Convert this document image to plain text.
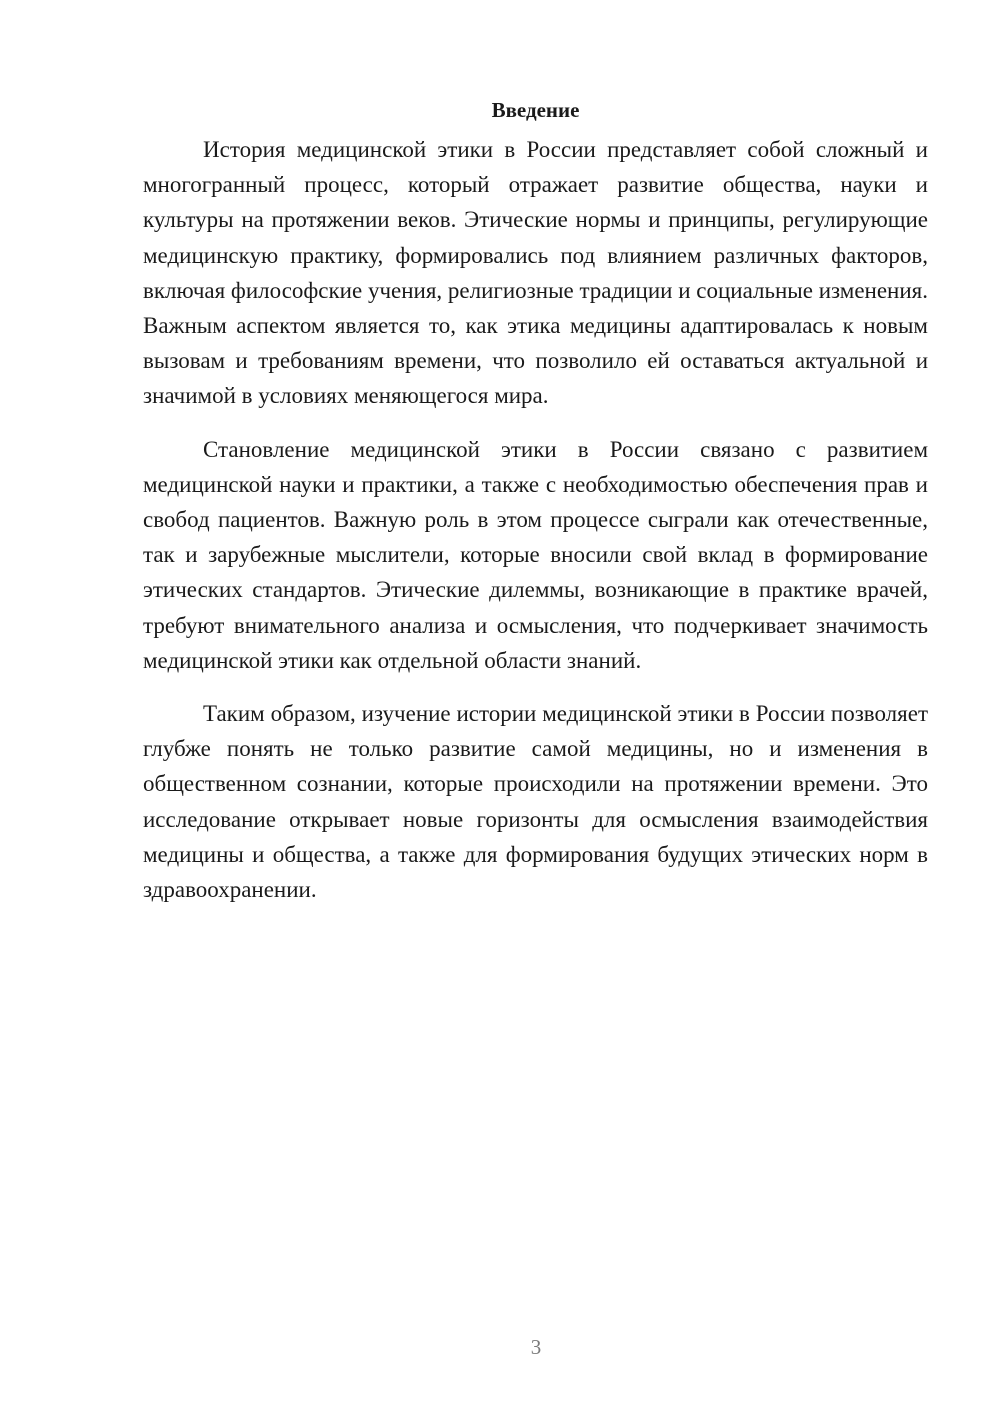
Введение

История медицинской этики в России представляет собой сложный и многогранный процесс, который отражает развитие общества, науки и культуры на протяжении веков. Этические нормы и принципы, регулирующие медицинскую практику, формировались под влиянием различных факторов, включая философские учения, религиозные традиции и социальные изменения. Важным аспектом является то, как этика медицины адаптировалась к новым вызовам и требованиям времени, что позволило ей оставаться актуальной и значимой в условиях меняющегося мира.

Становление медицинской этики в России связано с развитием медицинской науки и практики, а также с необходимостью обеспечения прав и свобод пациентов. Важную роль в этом процессе сыграли как отечественные, так и зарубежные мыслители, которые вносили свой вклад в формирование этических стандартов. Этические дилеммы, возникающие в практике врачей, требуют внимательного анализа и осмысления, что подчеркивает значимость медицинской этики как отдельной области знаний.

Таким образом, изучение истории медицинской этики в России позволяет глубже понять не только развитие самой медицины, но и изменения в общественном сознании, которые происходили на протяжении времени. Это исследование открывает новые горизонты для осмысления взаимодействия медицины и общества, а также для формирования будущих этических норм в здравоохранении.

3
